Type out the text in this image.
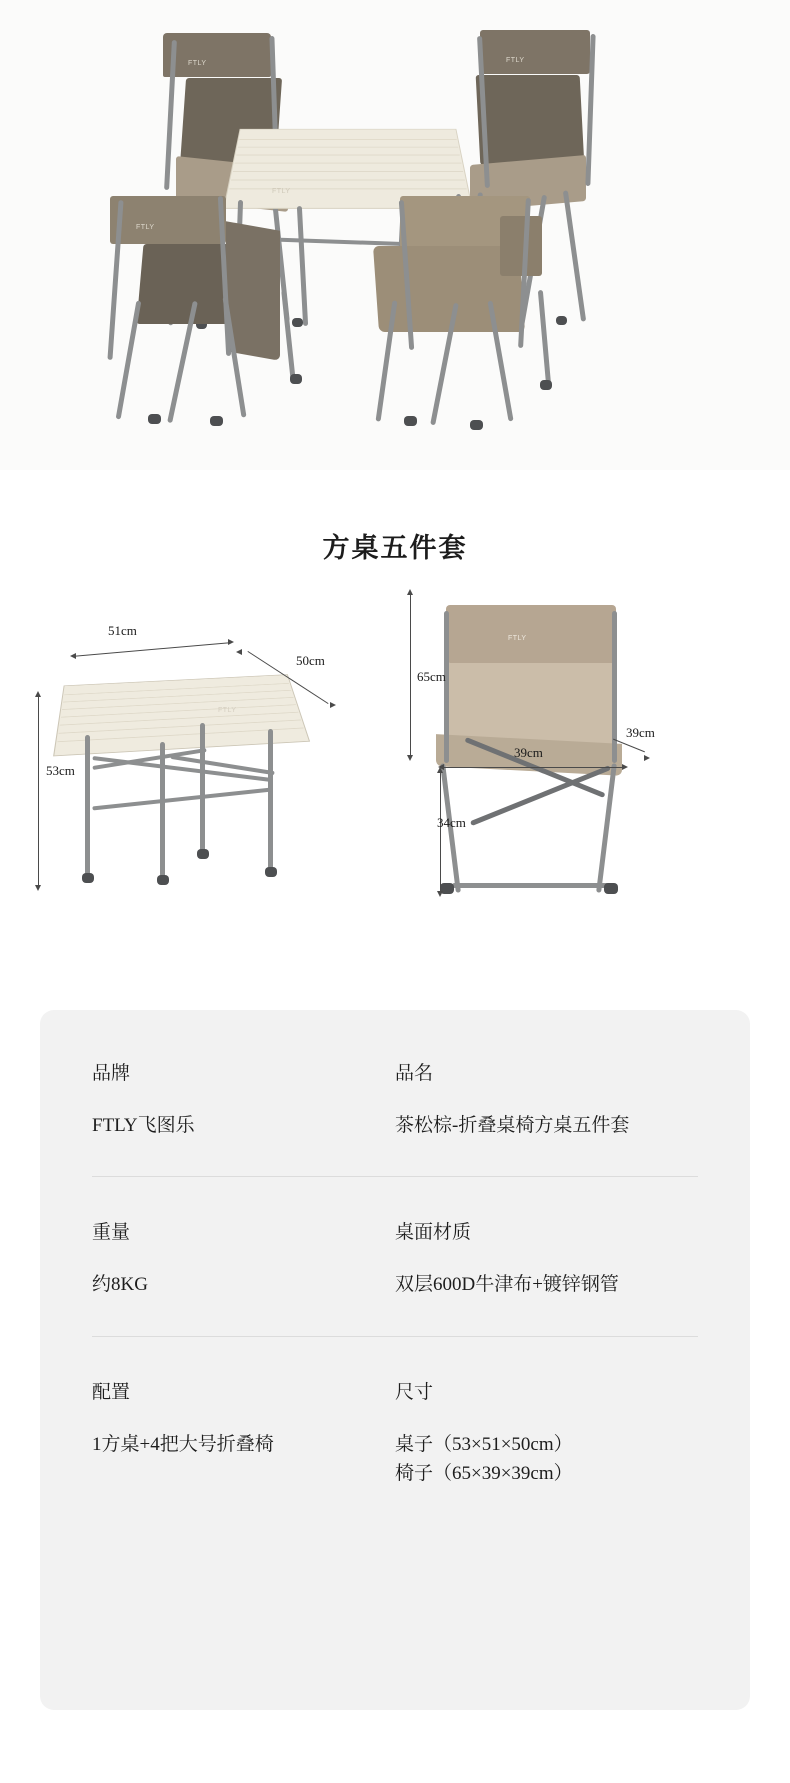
FTLY	FTLY
FTLY
FTLY
方桌五件套
FTLY
51cm
50cm
53cm
FTLY
65cm
34cm
39cm
39cm
品牌
FTLY飞图乐
品名
茶松棕-折叠桌椅方桌五件套
重量
约8KG
桌面材质
双层600D牛津布+镀锌钢管
配置
1方桌+4把大号折叠椅
尺寸
桌子（53×51×50cm）
椅子（65×39×39cm）
